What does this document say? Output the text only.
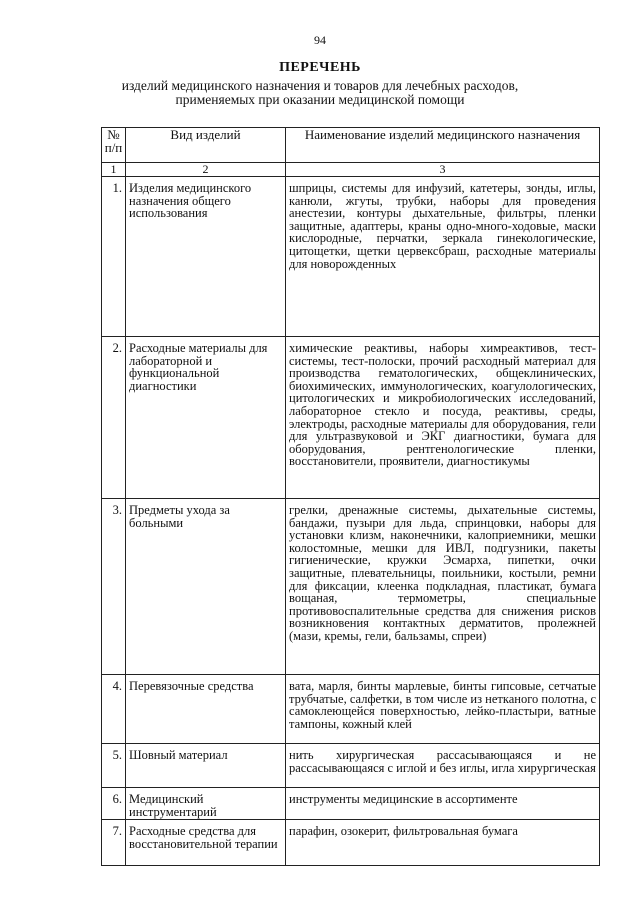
94
ПЕРЕЧЕНЬ
изделий медицинского назначения и товаров для лечебных расходов, применяемых при оказании медицинской помощи
№ п/п	Вид изделий	Наименование изделий медицинского назначения
1	2	3
1.	Изделия медицинского назначения общего использования	шприцы, системы для инфузий, катетеры, зонды, иглы, канюли, жгуты, трубки, наборы для проведения анестезии, контуры дыхательные, фильтры, пленки защитные, адаптеры, краны одно-много-ходовые, маски кислородные, перчатки, зеркала гинекологические, цитощетки, щетки цервексбраш, расходные материалы для новорожденных
2.	Расходные материалы для лабораторной и функциональной диагностики	химические реактивы, наборы химреактивов, тест-системы, тест-полоски, прочий расходный материал для производства гематологических, общеклинических, биохимических, иммунологических, коагулологических, цитологических и микробиологических исследований, лабораторное стекло и посуда, реактивы, среды, электроды, расходные материалы для оборудования, гели для ультразвуковой и ЭКГ диагностики, бумага для оборудования, рентгенологические пленки, восстановители, проявители, диагностикумы
3.	Предметы ухода за больными	грелки, дренажные системы, дыхательные системы, бандажи, пузыри для льда, спринцовки, наборы для установки клизм, наконечники, калоприемники, мешки колостомные, мешки для ИВЛ, подгузники, пакеты гигиенические, кружки Эсмарха, пипетки, очки защитные, плевательницы, поильники, костыли, ремни для фиксации, клеенка подкладная, пластикат, бумага вощаная, термометры, специальные противовоспалительные средства для снижения рисков возникновения контактных дерматитов, пролежней (мази, кремы, гели, бальзамы, спреи)
4.	Перевязочные средства	вата, марля, бинты марлевые, бинты гипсовые, сетчатые трубчатые, салфетки, в том числе из нетканого полотна, с самоклеющейся поверхностью, лейко-пластыри, ватные тампоны, кожный клей
5.	Шовный материал	нить хирургическая рассасывающаяся и не рассасывающаяся с иглой и без иглы, игла хирургическая
6.	Медицинский инструментарий	инструменты медицинские в ассортименте
7.	Расходные средства для восстановительной терапии	парафин, озокерит, фильтровальная бумага
